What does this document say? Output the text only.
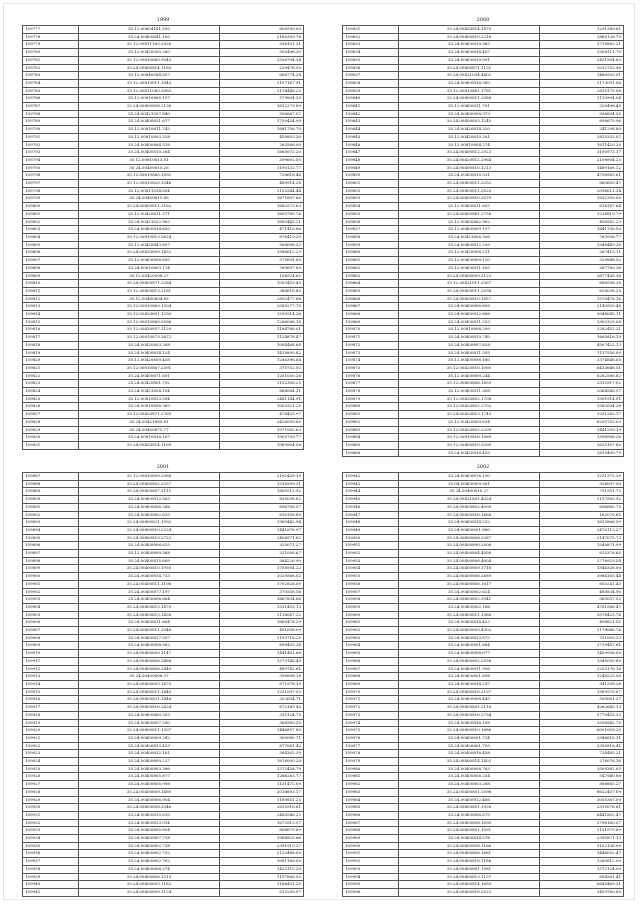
1999
109777	35.12.00804161.593	605590.05
109778	35.24.00400841.183	2160350.78
109779	35.12.00811183.2926	938101.31
109780	35.12.00420050.260	505496.30
109781	35.12.00810865.9543	2526794.34
109782	35.24.00400814.1189	229476.50
109783	35.12.00840084.857	686774.24
109784	35.12.00810811.1843	1107167.91
109785	35.12.00811083.3063	1114446.23
109786	35.12.00810865.197	579894.33
109787	35.24.00400808.2136	1612279.89
109788	35.24.00421507.840	508667.07
109789	35.24.00400821.617	1750434.99
109790	35.12.00810811.743	1681756.70
109791	35.12.00810803.328	459853.30
109792	35.24.00400864.316	265568.00
109793	35.24.00400810.264	1665072.20
109794	35.12.00810813.51	399602.50
109795	35.24.00400815.26	1190132.77
109796	35.12.00810865.1092	728616.46
109797	35.12.00810820.1046	489914.26
109798	35.12.00811034.604	1155344.44
109799	35.24.00400811.66	1671607.60
109800	35.24.00400811.2162	1682573.63
109801	35.12.00420811.371	1605785.76
109802	35.24.00421022.963	1683442.21
109803	35.24.00400814.620	471416.86
109804	35.12.00810813.2624	876419.29
109805	35.12.00420843.607	568698.32
109806	35.24.00420809.1432	1586612.23
109807	35.12.00400856.895	575691.85
109808	35.24.00810803.114	769697.89
109809	35.12.00420008.27	108924.65
109810	35.24.00400871.2284	1053459.49
109811	35.12.00400813.2161	388618.80
109812	35.12.00400804.85	2852477.68
109813	35.12.00810863.1504	2085277.75
109814	35.12.00420801.1250	1550914.26
109815	35.12.00810865.5996	1266096.18
109816	35.12.00420857.1129	1184766.01
109817	35.12.00810873.2672	1124878.47
109818	35.24.00420803.308	1004468.60
109819	35.24.00400814.124	1418800.82
109820	35.12.00420809.458	1286396.64
109821	35.12.00810867.2391	375752.92
109822	35.24.00400871.691	1201050.26
109823	35.24.00420801.792	1192306.25
109824	35.24.00421604.104	864064.31
109825	35.12.00810813.594	2481144.91
109826	35.24.00810856.369	1003321.25
109827	35.12.00420871.2765	474435.97
109828	35.24.00421880.81	2426099.85
109829	35.24.00400871.77	1971082.63
109830	35.24.00810814.167	1905759.77
109831	35.24.00420814.1169	1069904.08
2000
109831	35.24.00420814.1470	1291349.61
109832	35.24.00400810.2218	2860126.73
109833	35.24.00400810.985	1715882.21
109834	35.24.00400814.407	2958111.70
109835	35.24.00400810.991	2431954.83
109836	35.24.00400871.1131	2012732.96
109837	35.24.00421034.4402	1460593.01
109838	35.24.00400814.960	1173091.06
109839	35.12.00810861.1761	2815179.06
109840	35.24.00400811.2088	1110904.04
109841	35.12.00400811.701	320496.45
109842	35.24.00400908.973	936694.55
109843	35.24.00400803.1245	698675.96
109844	35.24.00420814.320	241298.80
109845	35.12.00420810.281	2815332.07
109846	35.12.00810804.274	1611420.20
109847	35.24.00400812.2923	3190973.17
109848	35.24.00420812.2964	2198904.23
109849	35.24.00400810.1213	1489168.12
109850	35.24.00400810.331	4796963.61
109851	35.24.00400811.3252	860650.47
109852	35.24.00400811.3520	2096611.34
109853	35.24.00400810.3570	1812359.05
109854	35.12.00400811.655	618187.64
109855	35.24.00400861.2758	1216819.79
109856	35.12.00400862.962	456562.23
109857	35.12.00400809.137	1841736.50
109858	35.24.00421806.306	763936.77
109859	35.24.00400812.209	2948449.30
109860	35.12.00420806.211	267415.11
109861	35.12.00400809.130	329848.52
109862	35.12.00400811.105	267785.36
109863	35.24.00400809.3123	2677456.36
109864	35.12.00421811.3367	686598.38
109865	35.24.00400811.3596	658038.20
109866	35.24.00400810.1857	1570478.16
109867	35.24.00400806.856	2140920.46
109868	35.24.00400812.888	3048045.11
109869	35.24.00400811.253	3362325.08
109870	35.12.00810808.299	2282452.21
109871	35.24.00400810.740	1665816.19
109872	35.24.00400897.828	4507422.13
109873	35.24.00400811.355	1137556.00
109874	35.12.00400898.180	3374846.05
109875	35.12.00420810.1060	6433648.51
109876	35.12.00400809.244	6282586.82
109877	35.12.00400806.1659	2312917.02
109878	35.12.00400811.308	2064548.97
109879	35.12.00420802.1708	1901914.01
109880	35.12.00420802.2702	1582004.38
109881	35.24.00420813.1743	3291263.17
109882	35.12.00420809.634	6295753.03
109883	35.12.00420802.2209	1441293.19
109884	35.12.00810816.1069	1596958.26
109885	35.12.00400810.3390	2625107.60
109886	35.24.00420814.455	2815490.79
2001
109887	35.12.00810809.3368	2102428.19
109888	35.24.00400802.2257	1518999.31
109889	35.24.00400807.1111	1805513.92
109890	35.24.00400812.563	839058.62
109891	35.24.00400806.266	696756.97
109892	35.24.00400802.635	810158.89
109893	35.24.00400821.1992	1965442.94
109894	35.24.00400810.2224	1441678.97
109895	35.24.00400813.2723	2406571.82
109896	35.24.00400806.825	325071.27
109897	35.12.00400809.368	321008.67
109898	35.24.00400815.669	384226.90
109899	35.24.00400810.1950	1758954.22
109900	35.24.00400814.733	2029568.02
109901	35.24.00400811.1196	1702826.09
109902	35.24.00400877.197	379558.58
109903	35.24.00400806.664	1667834.66
109904	35.24.00400813.1470	1531493.13
109905	35.24.00400813.1458	1118087.22
109906	35.24.00400811.664	1665478.29
109907	35.24.00400811.2046	491658.09
109908	35.24.00400817.507	1193718.25
109909	35.24.00400808.962	899435.38
109910	35.24.00400803.1147	1441461.68
109911	35.24.00400806.2466	1373146.40
109912	35.24.00400806.2840	489742.61
109913	35.24.00400806.37	398898.18
109914	35.24.00400803.1470	871578.10
109915	35.24.00400811.1440	1211097.92
109916	35.24.00400821.1448	323634.71
109917	35.24.00400816.2424	672149.40
109918	35.24.00400860.353	335124.79
109919	35.24.00400807.260	368389.39
109920	35.24.00400811.1307	1446857.80
109921	35.24.00400809.342	309080.71
109922	35.24.00400813.433	877081.42
109923	35.24.00400812.161	384302.39
109924	35.24.00400809.227	1676000.20
109925	35.24.00400803.366	1372438.79
109926	35.24.00400805.877	1266283.77
109927	35.24.00400805.998	1131472.09
109928	35.24.00400809.1480	2018693.17
109929	35.24.00400806.904	1189851.25
109930	35.24.00400808.2046	2615918.61
109931	35.24.00400810.810	2485546.23
109932	35.24.00400813.914	1673913.97
109933	35.24.00400805.804	808675.89
109934	35.24.00400807.718	1964825.66
109935	35.24.00400802.738	2391919.37
109936	35.24.00400802.752	2122488.00
109937	35.24.00400802.762	3081166.00
109938	35.24.00400806.274	1425115.20
109939	35.24.00400806.1215	1157866.55
109940	35.24.00400803.1182	1166431.25
109941	35.24.00400809.1124	615250.07
2002
109942	35.24.00400876.190	1231372.39
109943	35.04.00400809.561	328097.08
109944	35.24.00400810.27	751551.73
109945	35.24.00421801.4024	1157565.92
109946	35.24.00400802.4099	696665.79
109947	35.24.00400816.1666	162070.85
109948	35.24.00400814.252	1613866.59
109949	35.24.00400801.880	2470113.27
109950	35.24.00400808.2287	2147075.73
109951	35.24.00400806.2006	1549871.99
109952	35.24.00400804.4056	625376.65
109953	35.24.00400806.4004	2776923.54
109954	35.24.00400809.1718	1546326.00
109955	35.24.00400806.2689	3984165.44
109956	35.24.00400806.1617	655241.43
109957	35.24.00400802.624	485834.96
109958	35.24.00400802.5941	565037.52
109959	35.24.00400802.166	4781566.47
109960	35.24.00400811.1966	3578425.76
109961	35.24.00400814.423	498821.55
109962	35.24.00400803.4302	1178066.76
109963	35.24.00400813.873	751003.33
109964	35.24.00400801.864	2739487.61
109965	35.24.00400808.677	1459936.00
109966	35.24.00400802.2558	3340050.89
109967	35.24.00400811.906	2253176.16
109968	35.24.00400801.698	1249225.58
109969	35.24.00400814.237	941338.26
109970	35.24.00400818.2197	1989575.87
109971	35.24.00400808.445	599061.27
109972	35.24.00400801.2118	4262645.13
109973	35.24.00400816.2754	5770455.33
109974	35.24.00400814.198	3398942.79
109975	35.24.00400810.1686	6001003.25
109976	35.24.00400801.734	2946618.31
109977	35.24.00400801.705	3355816.41
109978	35.24.00400818.458	724485.21
109979	35.24.00400814.1403	276076.16
109980	35.24.00400808.763	3508362.03
109981	35.24.00400806.254	547940.88
109982	35.24.00400803.268	586885.27
109983	35.24.00400801.2098	8622407.09
109984	35.24.00400812.466	3055367.09
109985	35.24.00400801.1926	2315076.61
109986	35.24.00400806.675	6441802.47
109987	35.24.00400808.1090	2796160.07
109988	35.24.00400801.1091	1151975.89
109989	35.24.00400814.576	2395871.13
109990	35.24.00400808.1166	3102136.00
109991	35.24.00400806.1661	3446052.47
109992	35.24.00400818.1186	1260812.09
109993	35.24.00400801.1081	1572124.09
109994	35.24.00400813.1137	604281.41
109995	35.24.00400814.1659	6643469.31
109996	35.24.00400818.5523	3459760.85
